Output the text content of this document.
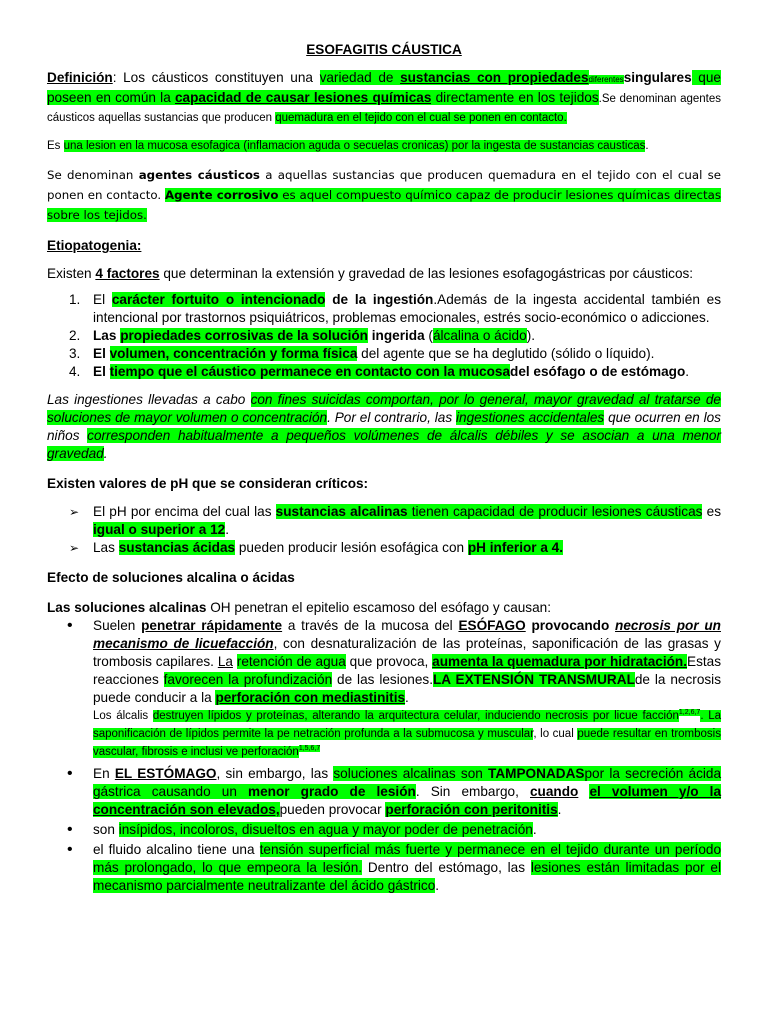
ESOFAGITIS CÁUSTICA

Definición: Los cáusticos constituyen una variedad de sustancias con propiedadesdiferentessingulares que poseen en común la capacidad de causar lesiones químicas directamente en los tejidos.Se denominan agentes cáusticos aquellas sustancias que producen quemadura en el tejido con el cual se ponen en contacto.

Es una lesion en la mucosa esofagica (inflamacion aguda o secuelas cronicas) por la ingesta de sustancias causticas.

Se denominan agentes cáusticos a aquellas sustancias que producen quemadura en el tejido con el cual se ponen en contacto. Agente corrosivo es aquel compuesto químico capaz de producir lesiones químicas directas sobre los tejidos.

Etiopatogenia:

Existen 4 factores que determinan la extensión y gravedad de las lesiones esofagogástricas por cáusticos:

1. El carácter fortuito o intencionado de la ingestión.Además de la ingesta accidental también es intencional por trastornos psiquiátricos, problemas emocionales, estrés socio-económico o adicciones.
2. Las propiedades corrosivas de la solución ingerida (álcalina o ácido).
3. El volumen, concentración y forma física del agente que se ha deglutido (sólido o líquido).
4. El tiempo que el cáustico permanece en contacto con la mucosadel esófago o de estómago.

Las ingestiones llevadas a cabo con fines suicidas comportan, por lo general, mayor gravedad al tratarse de soluciones de mayor volumen o concentración. Por el contrario, las ingestiones accidentales que ocurren en los niños corresponden habitualmente a pequeños volúmenes de álcalis débiles y se asocian a una menor gravedad.

Existen valores de pH que se consideran críticos:

➢ El pH por encima del cual las sustancias alcalinas tienen capacidad de producir lesiones cáusticas es igual o superior a 12.
➢ Las sustancias ácidas pueden producir lesión esofágica con pH inferior a 4.

Efecto de soluciones alcalina o ácidas

Las soluciones alcalinas OH penetran el epitelio escamoso del esófago y causan:

• Suelen penetrar rápidamente a través de la mucosa del ESÓFAGO provocando necrosis por un mecanismo de licuefacción, con desnaturalización de las proteínas, saponificación de las grasas y trombosis capilares. La retención de agua que provoca, aumenta la quemadura por hidratación.Estas reacciones favorecen la profundización de las lesiones.LA EXTENSIÓN TRANSMURALde la necrosis puede conducir a la perforación con mediastinitis.
Los álcalis destruyen lípidos y proteínas, alterando la arquitectura celular, induciendo necrosis por licue facción$^{1,2,6,7}$. La saponificación de lípidos permite la pe netración profunda a la submucosa y muscular, lo cual puede resultar en trombosis vascular, fibrosis e inclusi ve perforación$^{1,5,6,7}$
• En EL ESTÓMAGO, sin embargo, las soluciones alcalinas son TAMPONADASpor la secreción ácida gástrica causando un menor grado de lesión. Sin embargo, cuando el volumen y/o la concentración son elevados,pueden provocar perforación con peritonitis.
• son insípidos, incoloros, disueltos en agua y mayor poder de penetración.
• el fluido alcalino tiene una tensión superficial más fuerte y permanece en el tejido durante un período más prolongado, lo que empeora la lesión. Dentro del estómago, las lesiones están limitadas por el mecanismo parcialmente neutralizante del ácido gástrico.
